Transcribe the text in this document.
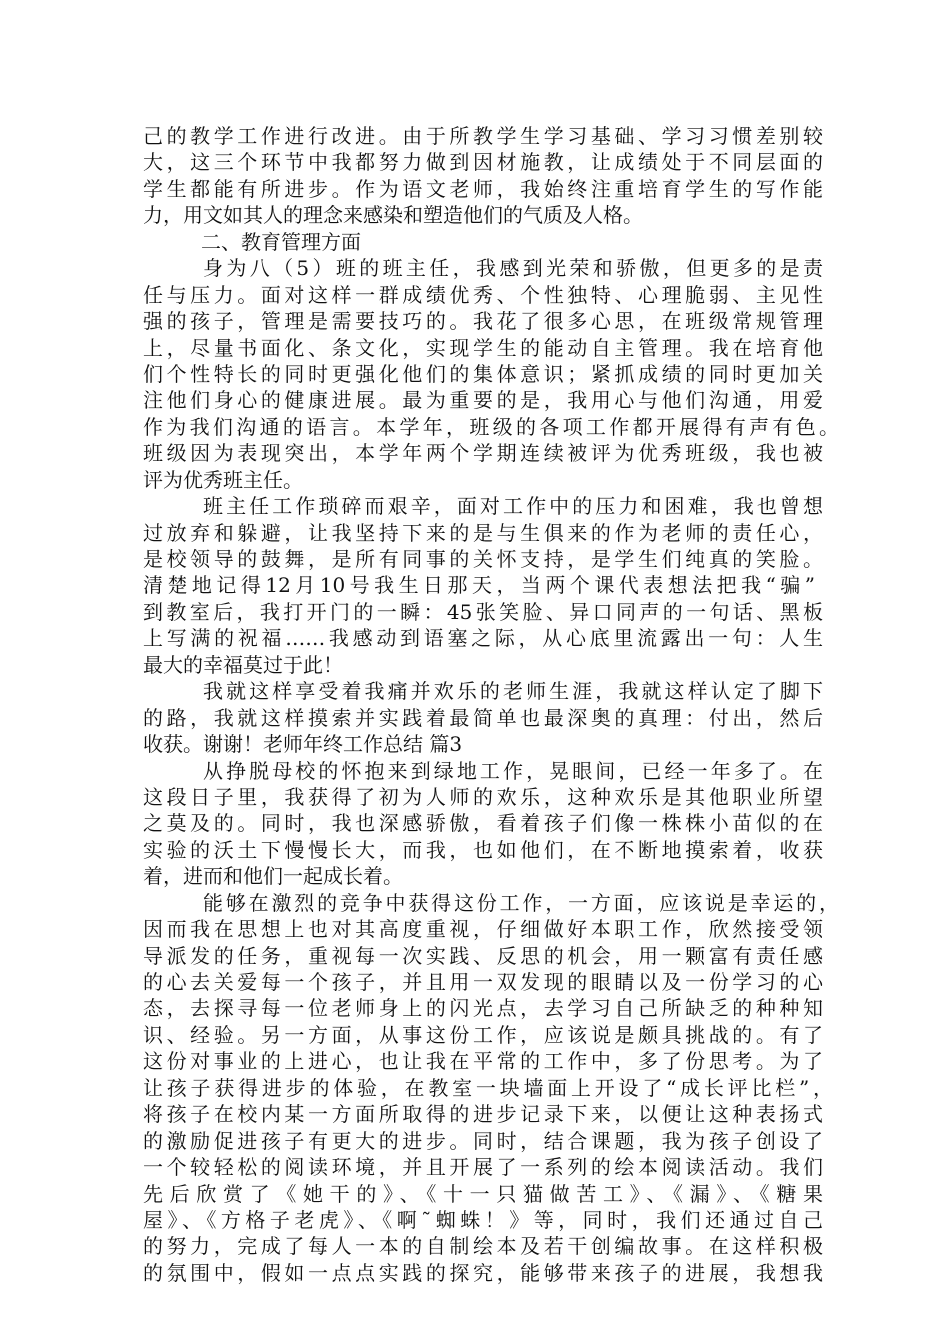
己的教学工作进行改进。由于所教学生学习基础、学习习惯差别较
大，这三个环节中我都努力做到因材施教，让成绩处于不同层面的
学生都能有所进步。作为语文老师，我始终注重培育学生的写作能
力，用文如其人的理念来感染和塑造他们的气质及人格。
二、教育管理方面
身为八（5）班的班主任，我感到光荣和骄傲，但更多的是责
任与压力。面对这样一群成绩优秀、个性独特、心理脆弱、主见性
强的孩子，管理是需要技巧的。我花了很多心思，在班级常规管理
上，尽量书面化、条文化，实现学生的能动自主管理。我在培育他
们个性特长的同时更强化他们的集体意识；紧抓成绩的同时更加关
注他们身心的健康进展。最为重要的是，我用心与他们沟通，用爱
作为我们沟通的语言。本学年，班级的各项工作都开展得有声有色。
班级因为表现突出，本学年两个学期连续被评为优秀班级，我也被
评为优秀班主任。
班主任工作琐碎而艰辛，面对工作中的压力和困难，我也曾想
过放弃和躲避，让我坚持下来的是与生俱来的作为老师的责任心，
是校领导的鼓舞，是所有同事的关怀支持，是学生们纯真的笑脸。
清楚地记得12月10号我生日那天，当两个课代表想法把我“骗”
到教室后，我打开门的一瞬：45张笑脸、异口同声的一句话、黑板
上写满的祝福……我感动到语塞之际，从心底里流露出一句：人生
最大的幸福莫过于此！
我就这样享受着我痛并欢乐的老师生涯，我就这样认定了脚下
的路，我就这样摸索并实践着最简单也最深奥的真理：付出，然后
收获。谢谢！老师年终工作总结 篇3
从挣脱母校的怀抱来到绿地工作，晃眼间，已经一年多了。在
这段日子里，我获得了初为人师的欢乐，这种欢乐是其他职业所望
之莫及的。同时，我也深感骄傲，看着孩子们像一株株小苗似的在
实验的沃土下慢慢长大，而我，也如他们，在不断地摸索着，收获
着，进而和他们一起成长着。
能够在激烈的竞争中获得这份工作，一方面，应该说是幸运的，
因而我在思想上也对其高度重视，仔细做好本职工作，欣然接受领
导派发的任务，重视每一次实践、反思的机会，用一颗富有责任感
的心去关爱每一个孩子，并且用一双发现的眼睛以及一份学习的心
态，去探寻每一位老师身上的闪光点，去学习自己所缺乏的种种知
识、经验。另一方面，从事这份工作，应该说是颇具挑战的。有了
这份对事业的上进心，也让我在平常的工作中，多了份思考。为了
让孩子获得进步的体验，在教室一块墙面上开设了“成长评比栏”，
将孩子在校内某一方面所取得的进步记录下来，以便让这种表扬式
的激励促进孩子有更大的进步。同时，结合课题，我为孩子创设了
一个较轻松的阅读环境，并且开展了一系列的绘本阅读活动。我们
先后欣赏了《她干的》、《十一只猫做苦工》、《漏》、《糖果
屋》、《方格子老虎》、《啊˜蜘蛛！》等，同时，我们还通过自己
的努力，完成了每人一本的自制绘本及若干创编故事。在这样积极
的氛围中，假如一点点实践的探究，能够带来孩子的进展，我想我
